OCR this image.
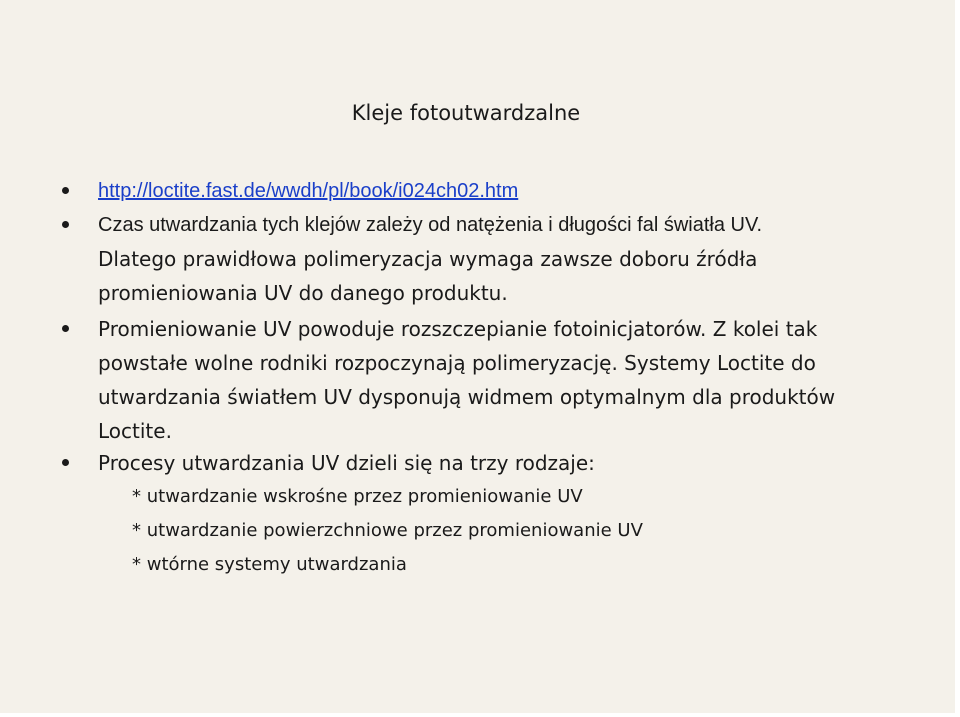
Kleje fotoutwardzalne
http://loctite.fast.de/wwdh/pl/book/i024ch02.htm
Czas utwardzania tych klejów zależy od natężenia i długości fal światła UV.
Dlatego prawidłowa polimeryzacja wymaga zawsze doboru źródła
promieniowania UV do danego produktu.
Promieniowanie UV powoduje rozszczepianie fotoinicjatorów. Z kolei tak
powstałe wolne rodniki rozpoczynają polimeryzację. Systemy Loctite do
utwardzania światłem UV dysponują widmem optymalnym dla produktów
Loctite.
Procesy utwardzania UV dzieli się na trzy rodzaje:
* utwardzanie wskrośne przez promieniowanie UV
* utwardzanie powierzchniowe przez promieniowanie UV
* wtórne systemy utwardzania
